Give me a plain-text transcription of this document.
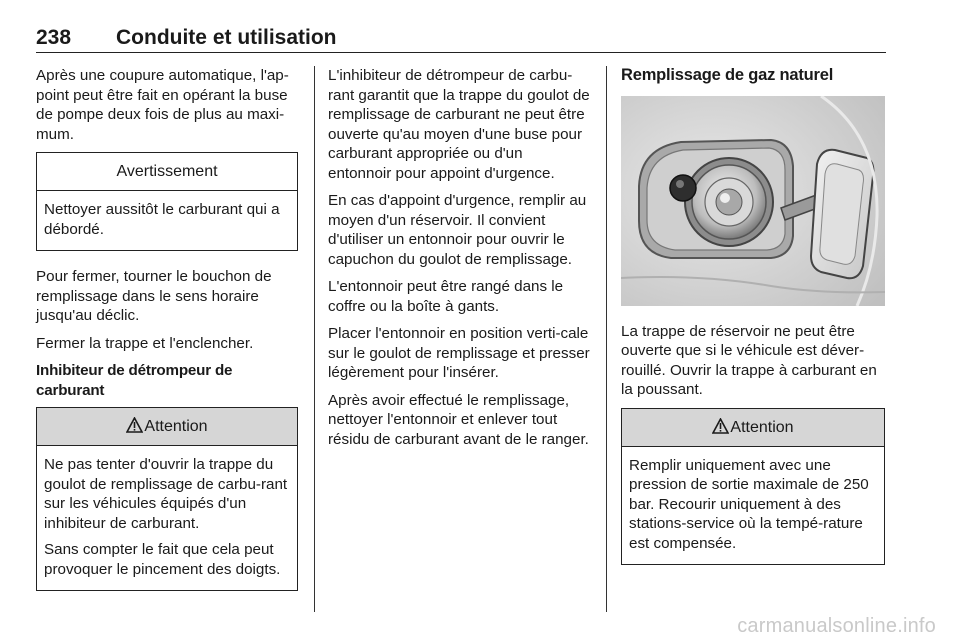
238 Conduite et utilisation

Après une coupure automatique, l'ap-point peut être fait en opérant la buse de pompe deux fois de plus au maxi-mum.

Avertissement

Nettoyer aussitôt le carburant qui a débordé.

Pour fermer, tourner le bouchon de remplissage dans le sens horaire jusqu'au déclic.

Fermer la trappe et l'enclencher.

Inhibiteur de détrompeur de carburant

Attention

Ne pas tenter d'ouvrir la trappe du goulot de remplissage de carbu-rant sur les véhicules équipés d'un inhibiteur de carburant.

Sans compter le fait que cela peut provoquer le pincement des doigts.

L'inhibiteur de détrompeur de carbu-rant garantit que la trappe du goulot de remplissage de carburant ne peut être ouverte qu'au moyen d'une buse pour carburant appropriée ou d'un entonnoir pour appoint d'urgence.

En cas d'appoint d'urgence, remplir au moyen d'un réservoir. Il convient d'utiliser un entonnoir pour ouvrir le capuchon du goulot de remplissage.

L'entonnoir peut être rangé dans le coffre ou la boîte à gants.

Placer l'entonnoir en position verti-cale sur le goulot de remplissage et presser légèrement pour l'insérer.

Après avoir effectué le remplissage, nettoyer l'entonnoir et enlever tout résidu de carburant avant de le ranger.

Remplissage de gaz naturel

La trappe de réservoir ne peut être ouverte que si le véhicule est déver-rouillé. Ouvrir la trappe à carburant en la poussant.

Attention

Remplir uniquement avec une pression de sortie maximale de 250 bar. Recourir uniquement à des stations-service où la tempé-rature est compensée.

carmanualsonline.info
